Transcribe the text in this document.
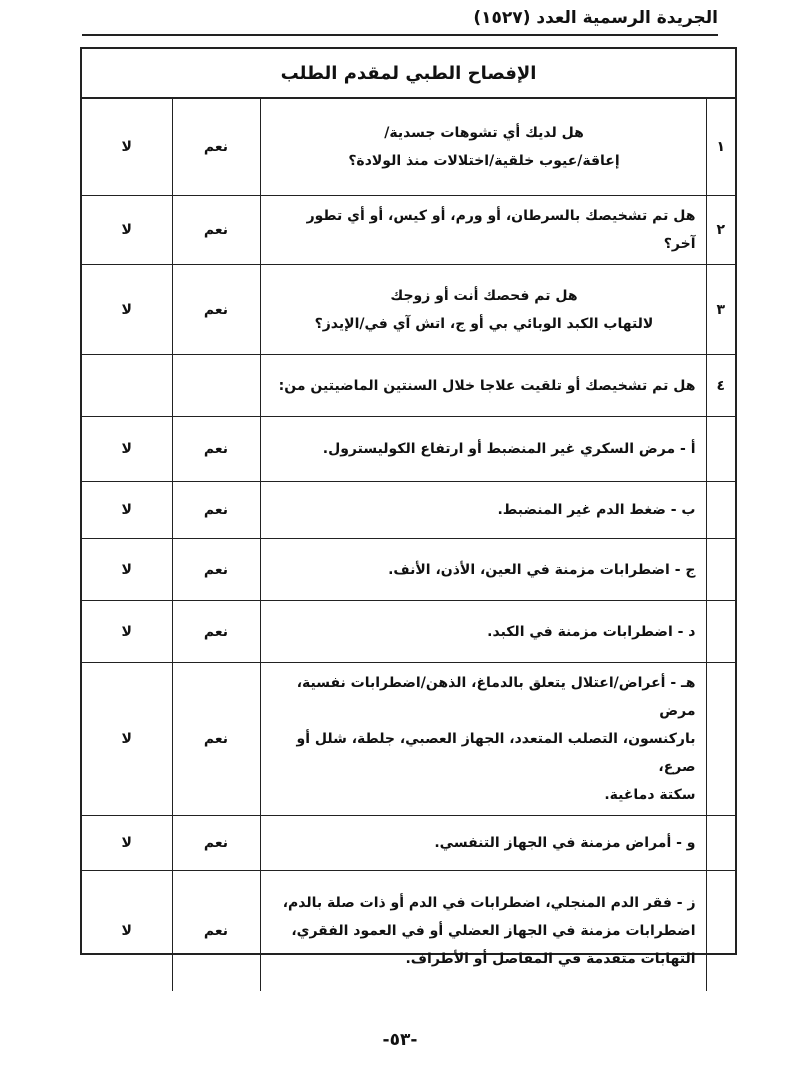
الجريدة الرسمية العدد (١٥٢٧)
الإفصاح الطبي لمقدم الطلب
١	هل لديك أي تشوهات جسدية/
إعاقة/عيوب خلقية/اختلالات منذ الولادة؟	نعم	لا
٢	هل تم تشخيصك بالسرطان، أو ورم، أو كيس، أو أي تطور آخر؟	نعم	لا
٣	هل تم فحصك أنت أو زوجك
لالتهاب الكبد الوبائي بي أو ج، اتش آي في/الإيدز؟	نعم	لا
٤	هل تم تشخيصك أو تلقيت علاجا خلال السنتين الماضيتين من:		

	أ - مرض السكري غير المنضبط أو ارتفاع الكوليسترول.	نعم	لا

	ب - ضغط الدم غير المنضبط.	نعم	لا

	ج - اضطرابات مزمنة في العين، الأذن، الأنف.	نعم	لا

	د - اضطرابات مزمنة في الكبد.	نعم	لا

	هـ - أعراض/اعتلال يتعلق بالدماغ، الذهن/اضطرابات نفسية، مرض
باركنسون، التصلب المتعدد، الجهاز العصبي، جلطة، شلل أو صرع،
سكتة دماغية.	نعم	لا

	و - أمراض مزمنة في الجهاز التنفسي.	نعم	لا

	ز - فقر الدم المنجلي، اضطرابات في الدم أو ذات صلة بالدم،
اضطرابات مزمنة في الجهاز العضلي أو في العمود الفقري،
التهابات متقدمة في المفاصل أو الأطراف.	نعم	لا
-٥٣-
